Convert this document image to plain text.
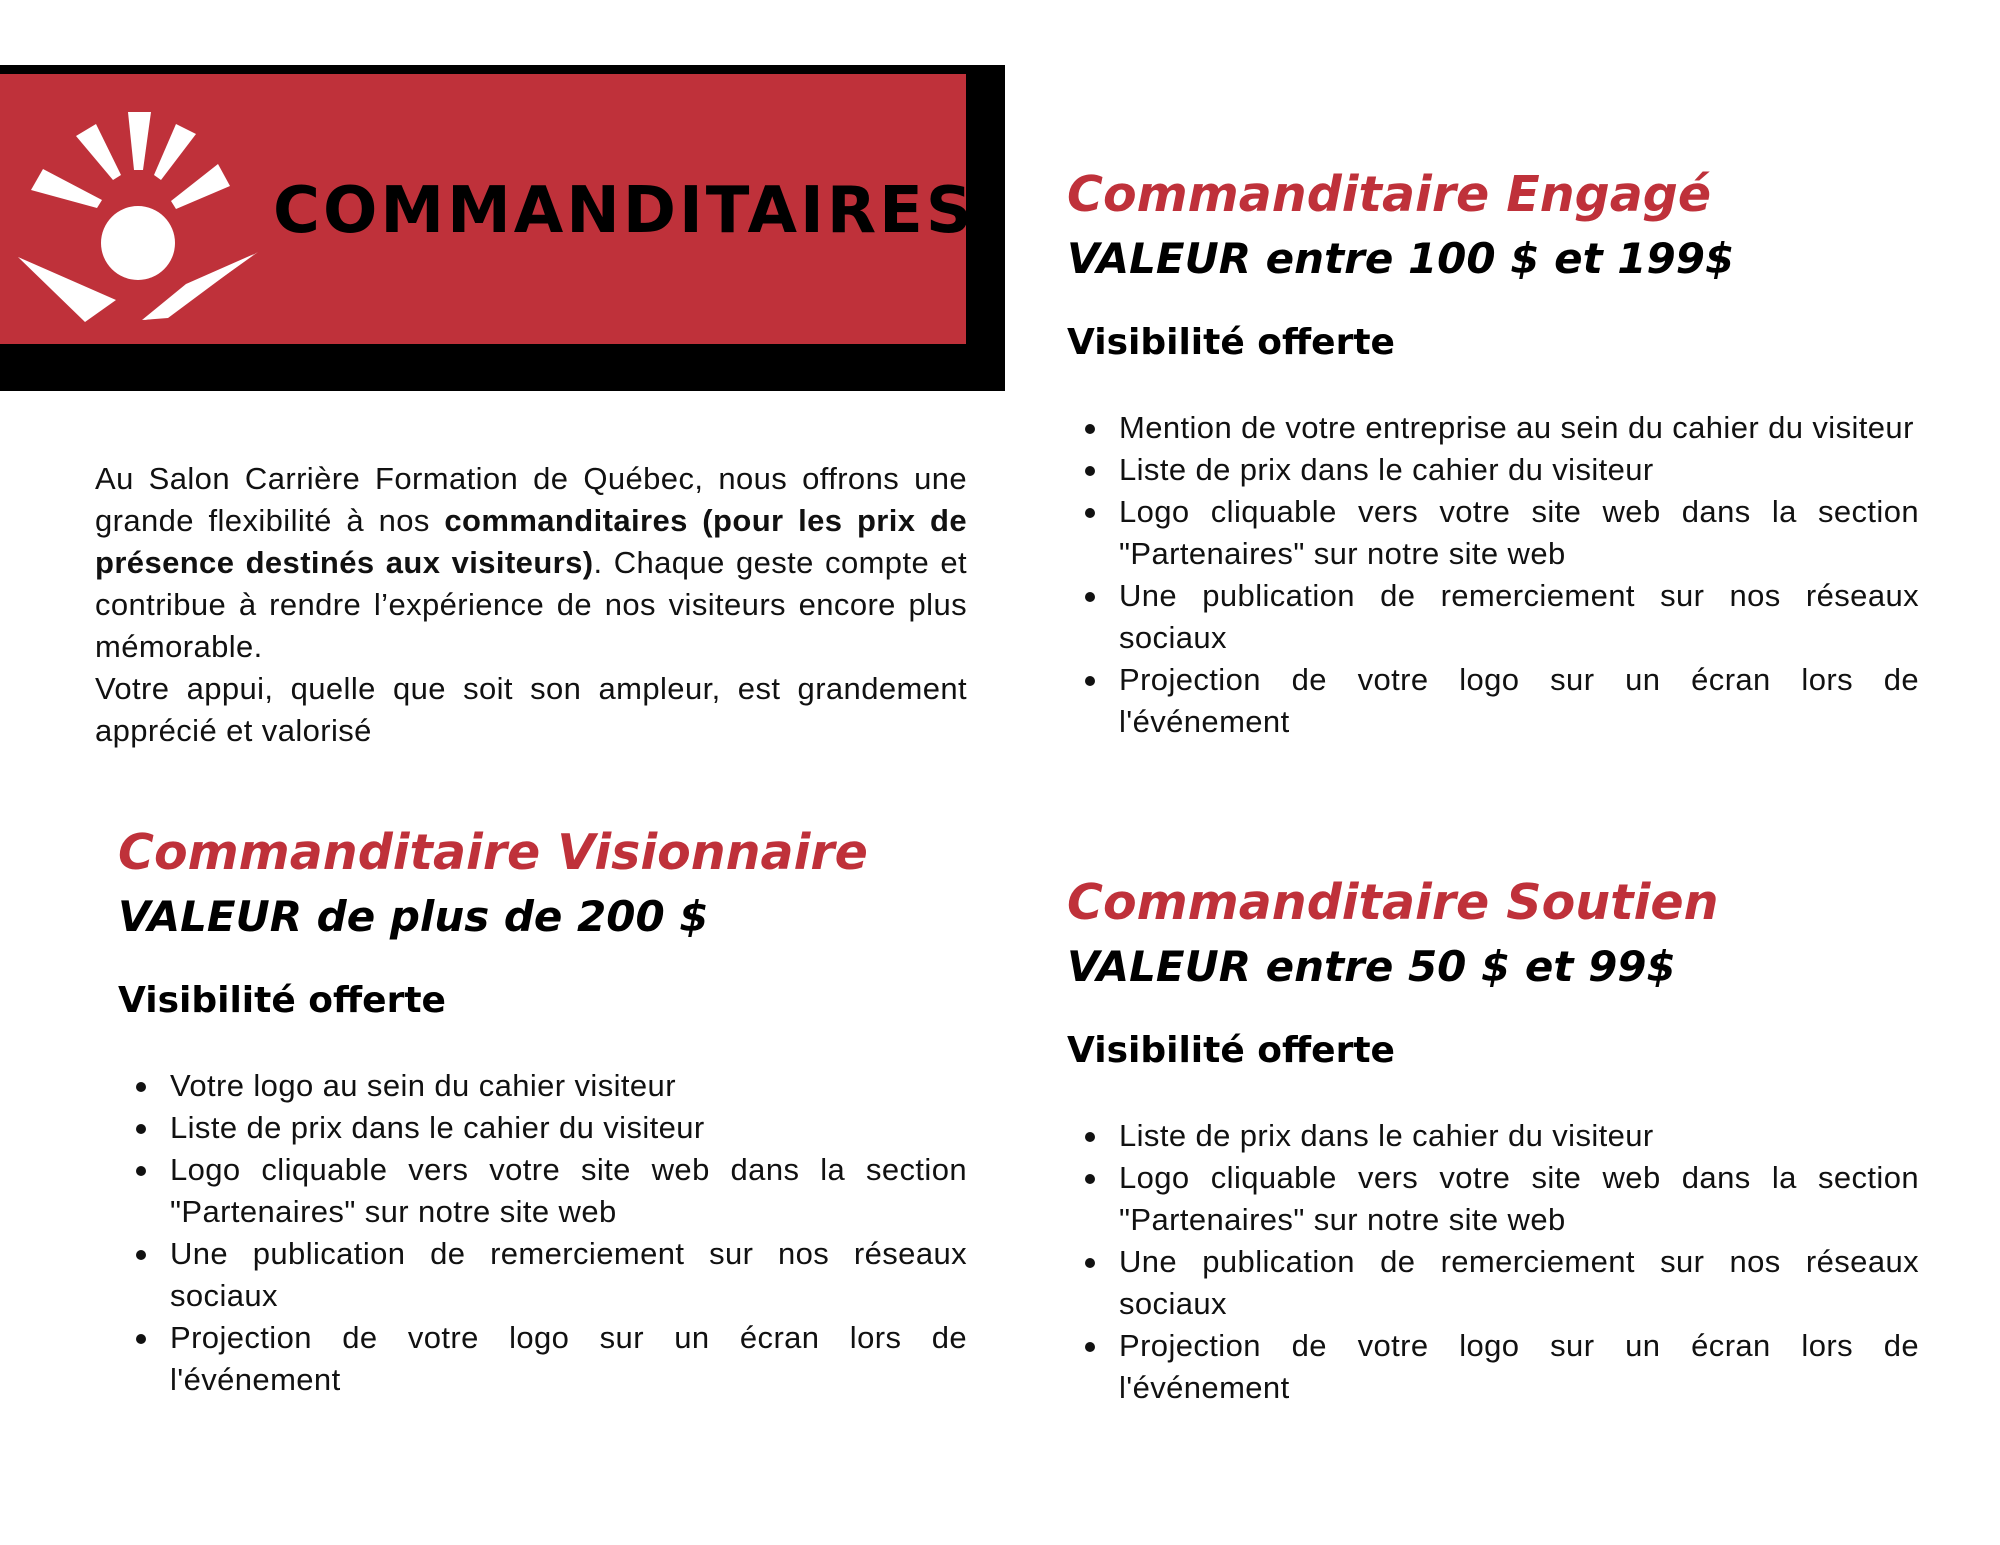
COMMANDITAIRES

Au Salon Carrière Formation de Québec, nous offrons une grande flexibilité à nos commanditaires (pour les prix de présence destinés aux visiteurs). Chaque geste compte et contribue à rendre l’expérience de nos visiteurs encore plus mémorable.

Votre appui, quelle que soit son ampleur, est grandement apprécié et valorisé

Commanditaire Visionnaire
VALEUR de plus de 200 $
Visibilité offerte
Votre logo au sein du cahier visiteur
Liste de prix dans le cahier du visiteur
Logo cliquable vers votre site web dans la section "Partenaires" sur notre site web
Une publication de remerciement sur nos réseaux sociaux
Projection de votre logo sur un écran lors de l'événement
Commanditaire Engagé
VALEUR entre 100 $ et 199$
Visibilité offerte
Mention de votre entreprise au sein du cahier du visiteur
Liste de prix dans le cahier du visiteur
Logo cliquable vers votre site web dans la section "Partenaires" sur notre site web
Une publication de remerciement sur nos réseaux sociaux
Projection de votre logo sur un écran lors de l'événement
Commanditaire Soutien
VALEUR entre 50 $ et 99$
Visibilité offerte
Liste de prix dans le cahier du visiteur
Logo cliquable vers votre site web dans la section "Partenaires" sur notre site web
Une publication de remerciement sur nos réseaux sociaux
Projection de votre logo sur un écran lors de l'événement
